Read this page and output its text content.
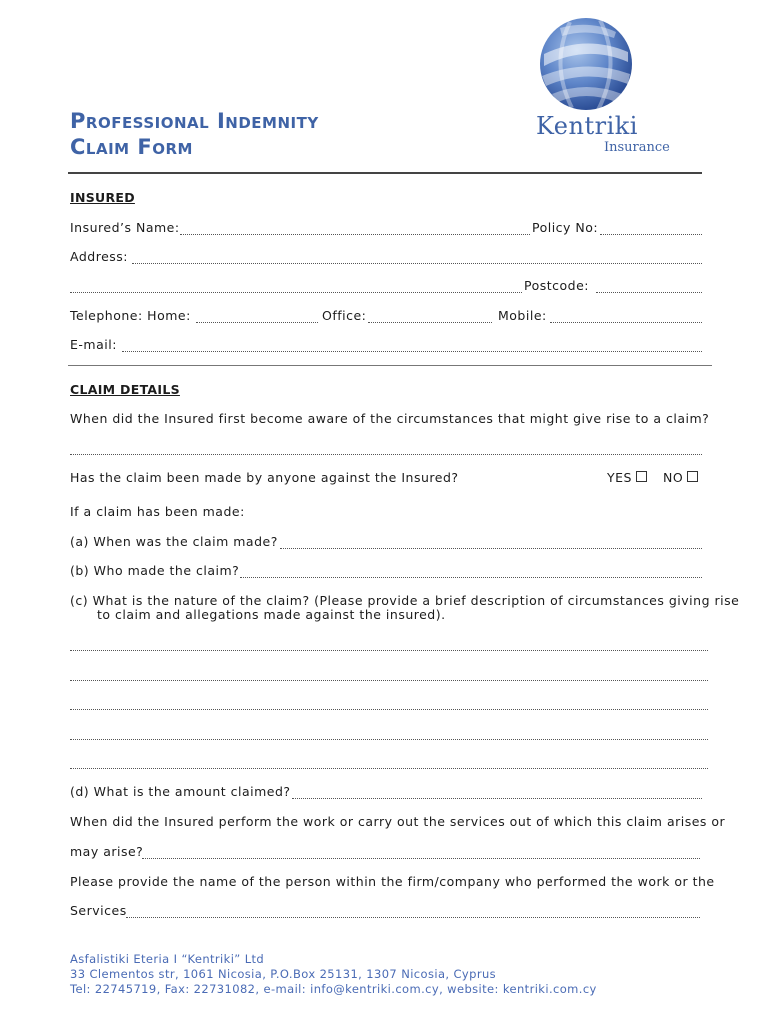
Professional Indemnity
Claim Form
Kentriki
Insurance
INSURED
Insured’s Name:	Policy No:
Address:
Postcode:
Telephone: Home:	Office:	Mobile:
E-mail:
CLAIM DETAILS
When did the Insured first become aware of the circumstances that might give rise to a claim?
Has the claim been made by anyone against the Insured?	YES	NO
If a claim has been made:
(a) When was the claim made?
(b) Who made the claim?
(c) What is the nature of the claim? (Please provide a brief description of circumstances giving rise
to claim and allegations made against the insured).
(d) What is the amount claimed?
When did the Insured perform the work or carry out the services out of which this claim arises or
may arise?
Please provide the name of the person within the firm/company who performed the work or the
Services
Asfalistiki Eteria I “Kentriki” Ltd
33 Clementos str, 1061 Nicosia, P.O.Box 25131, 1307 Nicosia, Cyprus
Tel: 22745719, Fax: 22731082, e-mail: info@kentriki.com.cy, website: kentriki.com.cy
